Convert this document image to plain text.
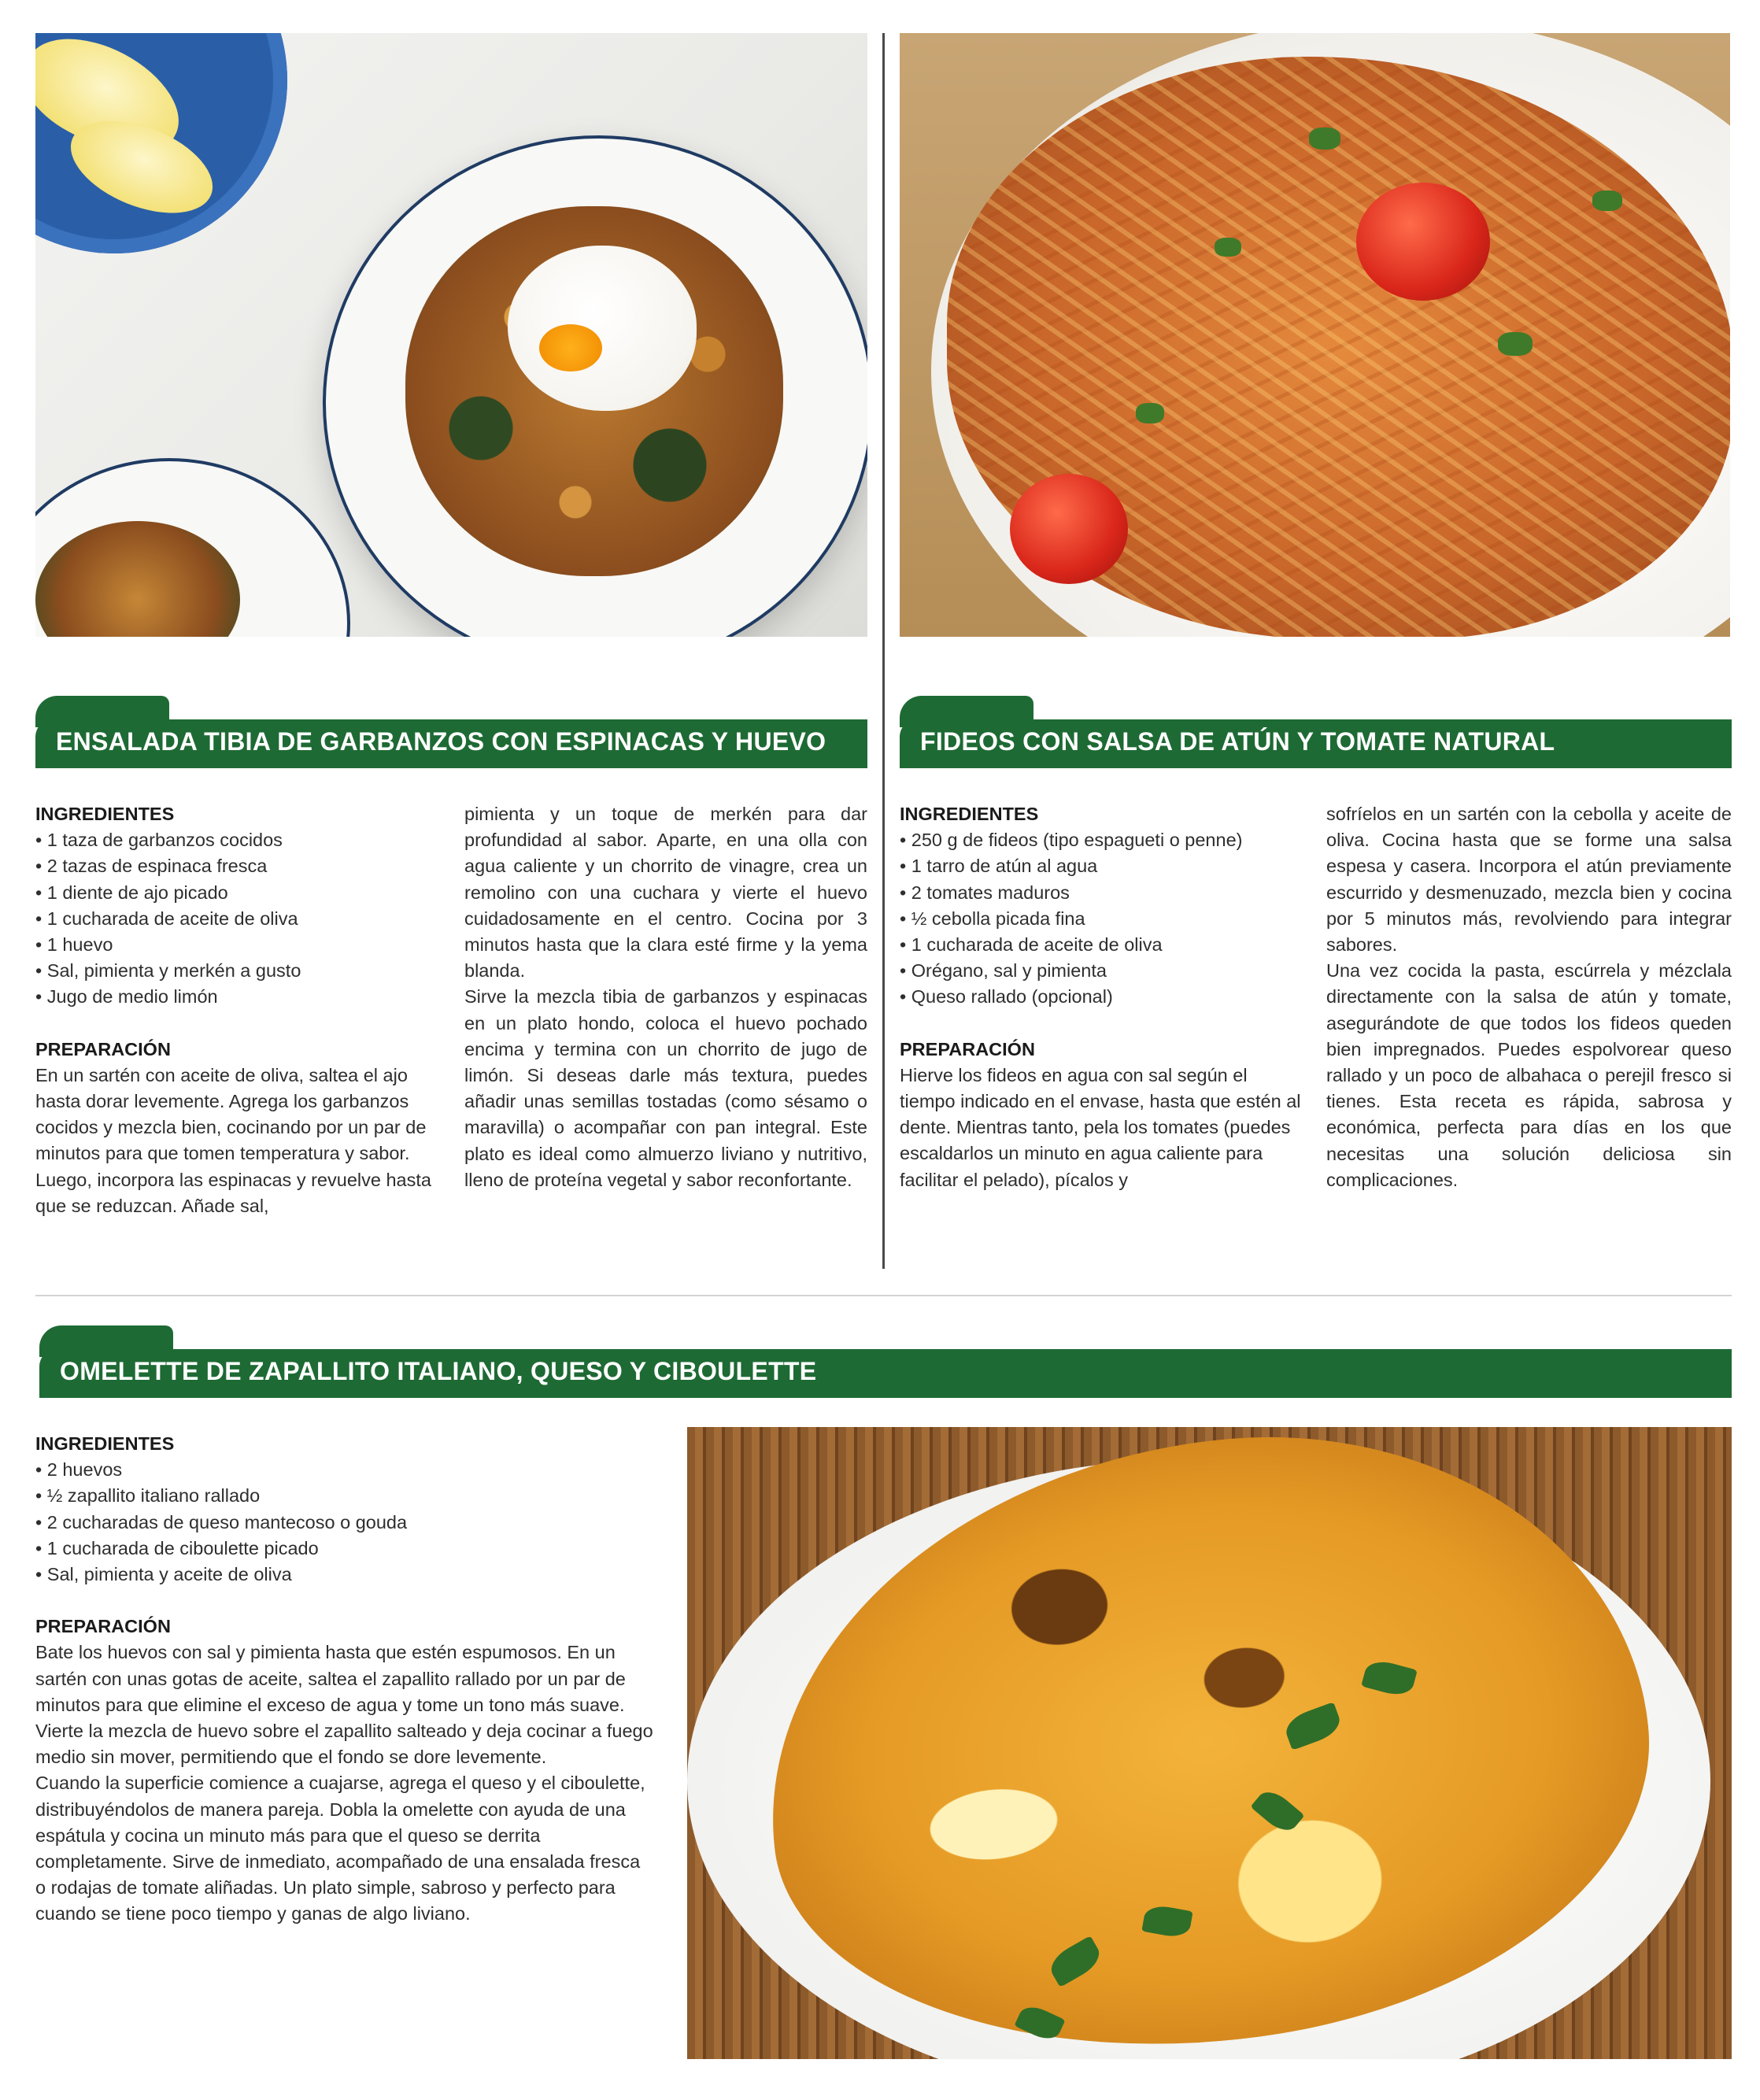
ENSALADA TIBIA DE GARBANZOS CON ESPINACAS Y HUEVO	FIDEOS CON SALSA DE ATÚN Y TOMATE NATURAL
OMELETTE DE ZAPALLITO ITALIANO, QUESO Y CIBOULETTE
INGREDIENTES
• 1 taza de garbanzos cocidos
• 2 tazas de espinaca fresca
• 1 diente de ajo picado
• 1 cucharada de aceite de oliva
• 1 huevo
• Sal, pimienta y merkén a gusto
• Jugo de medio limón
PREPARACIÓN

En un sartén con aceite de oliva, saltea el ajo hasta dorar levemente. Agrega los garbanzos cocidos y mezcla bien, cocinando por un par de minutos para que tomen temperatura y sabor. Luego, incorpora las espinacas y revuelve hasta que se reduzcan. Añade sal,

pimienta y un toque de merkén para dar profundidad al sabor. Aparte, en una olla con agua caliente y un chorrito de vinagre, crea un remolino con una cuchara y vierte el huevo cuidadosamente en el centro. Cocina por 3 minutos hasta que la clara esté firme y la yema blanda.

Sirve la mezcla tibia de garbanzos y espinacas en un plato hondo, coloca el huevo pochado encima y termina con un chorrito de jugo de limón. Si deseas darle más textura, puedes añadir unas semillas tostadas (como sésamo o maravilla) o acompañar con pan integral. Este plato es ideal como almuerzo liviano y nutritivo, lleno de proteína vegetal y sabor reconfortante.

INGREDIENTES
• 250 g de fideos (tipo espagueti o penne)
• 1 tarro de atún al agua
• 2 tomates maduros
• ½ cebolla picada fina
• 1 cucharada de aceite de oliva
• Orégano, sal y pimienta
• Queso rallado (opcional)
PREPARACIÓN

Hierve los fideos en agua con sal según el tiempo indicado en el envase, hasta que estén al dente. Mientras tanto, pela los tomates (puedes escaldarlos un minuto en agua caliente para facilitar el pelado), pícalos y

sofríelos en un sartén con la cebolla y aceite de oliva. Cocina hasta que se forme una salsa espesa y casera. Incorpora el atún previamente escurrido y desmenuzado, mezcla bien y cocina por 5 minutos más, revolviendo para integrar sabores.

Una vez cocida la pasta, escúrrela y mézclala directamente con la salsa de atún y tomate, asegurándote de que todos los fideos queden bien impregnados. Puedes espolvorear queso rallado y un poco de albahaca o perejil fresco si tienes. Esta receta es rápida, sabrosa y económica, perfecta para días en los que necesitas una solución deliciosa sin complicaciones.

INGREDIENTES
• 2 huevos
• ½ zapallito italiano rallado
• 2 cucharadas de queso mantecoso o gouda
• 1 cucharada de ciboulette picado
• Sal, pimienta y aceite de oliva
PREPARACIÓN

Bate los huevos con sal y pimienta hasta que estén espumosos. En un sartén con unas gotas de aceite, saltea el zapallito rallado por un par de minutos para que elimine el exceso de agua y tome un tono más suave. Vierte la mezcla de huevo sobre el zapallito salteado y deja cocinar a fuego medio sin mover, permitiendo que el fondo se dore levemente.

Cuando la superficie comience a cuajarse, agrega el queso y el ciboulette, distribuyéndolos de manera pareja. Dobla la omelette con ayuda de una espátula y cocina un minuto más para que el queso se derrita completamente. Sirve de inmediato, acompañado de una ensalada fresca o rodajas de tomate aliñadas. Un plato simple, sabroso y perfecto para cuando se tiene poco tiempo y ganas de algo liviano.
